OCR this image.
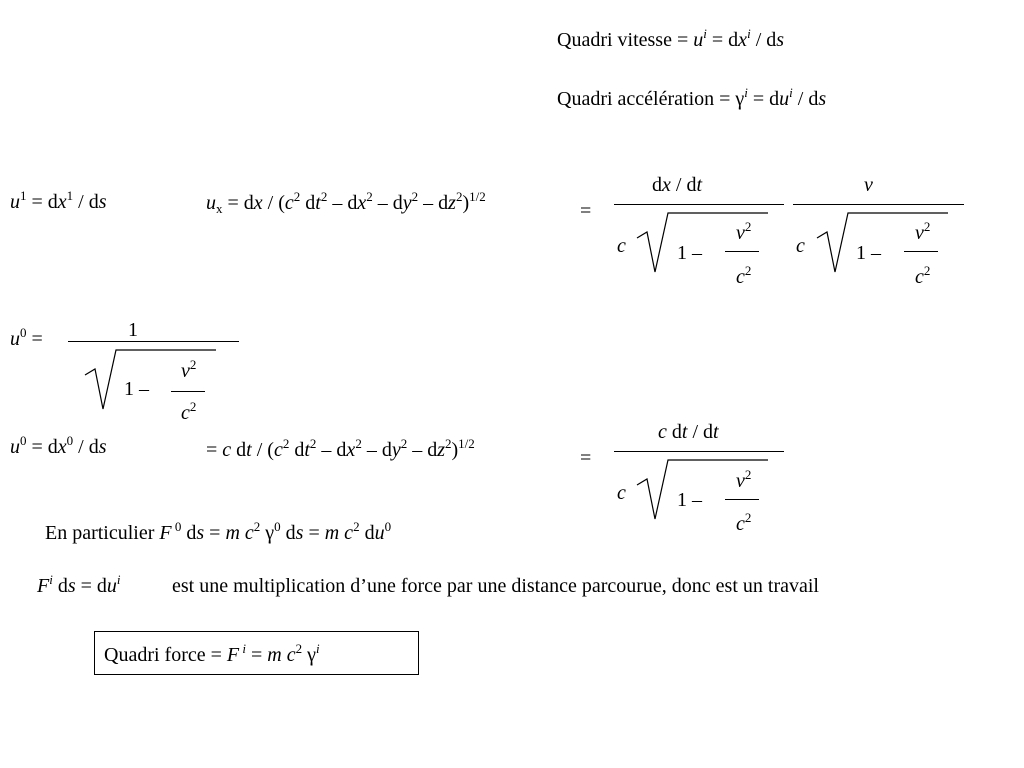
Quadri vitesse = $u^i = dx^i$ / ds
Quadri accélération = $\gamma^i = du^i$ / ds
$u^1 = dx^1$ / ds	$u_x$ = dx / ($c^2$ $dt^2 - dx^2 - dy^2 - dz^2)^{1/2}$
=
dx / dt
c	1 –
$v^2$
$c^2$
v
c	1 –
$v^2$
$c^2$
$u^0$ =	1
1 –
$v^2$
$c^2$
$u^0 = dx^0$ / ds	= c dt / ($c^2$ $dt^2 - dx^2 - dy^2 - dz^2)^{1/2}$
=
c dt / dt
c	1 –
$v^2$
$c^2$
En particulier F $^0$ ds = m $c^2$ $\gamma^0$ ds = m $c^2$ $du^0$
$F^i$ ds = $du^i$	est une multiplication d’une force par une distance parcourue, donc est un travail
Quadri force = F $^i$ = m $c^2$ $\gamma^i$
